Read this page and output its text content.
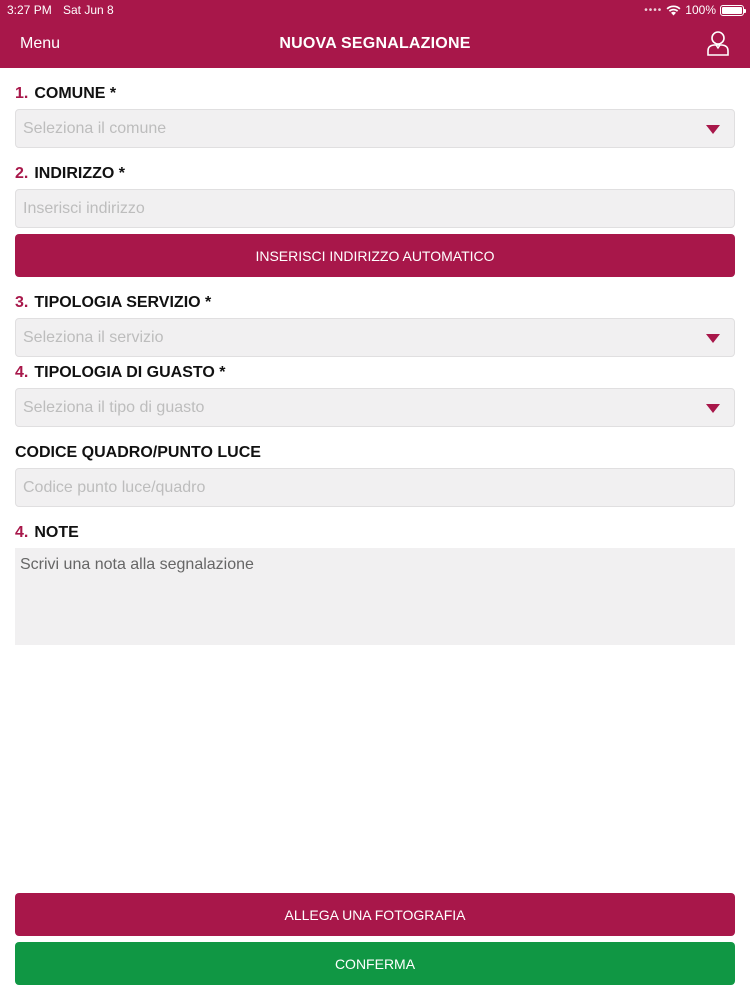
3:27 PM Sat Jun 8	•••• 100%
Menu	NUOVA SEGNALAZIONE
1. COMUNE *
Seleziona il comune
2. INDIRIZZO *
Inserisci indirizzo
INSERISCI INDIRIZZO AUTOMATICO
3. TIPOLOGIA SERVIZIO *
Seleziona il servizio
4. TIPOLOGIA DI GUASTO *
Seleziona il tipo di guasto
CODICE QUADRO/PUNTO LUCE
Codice punto luce/quadro
4. NOTE
Scrivi una nota alla segnalazione
ALLEGA UNA FOTOGRAFIA
CONFERMA
